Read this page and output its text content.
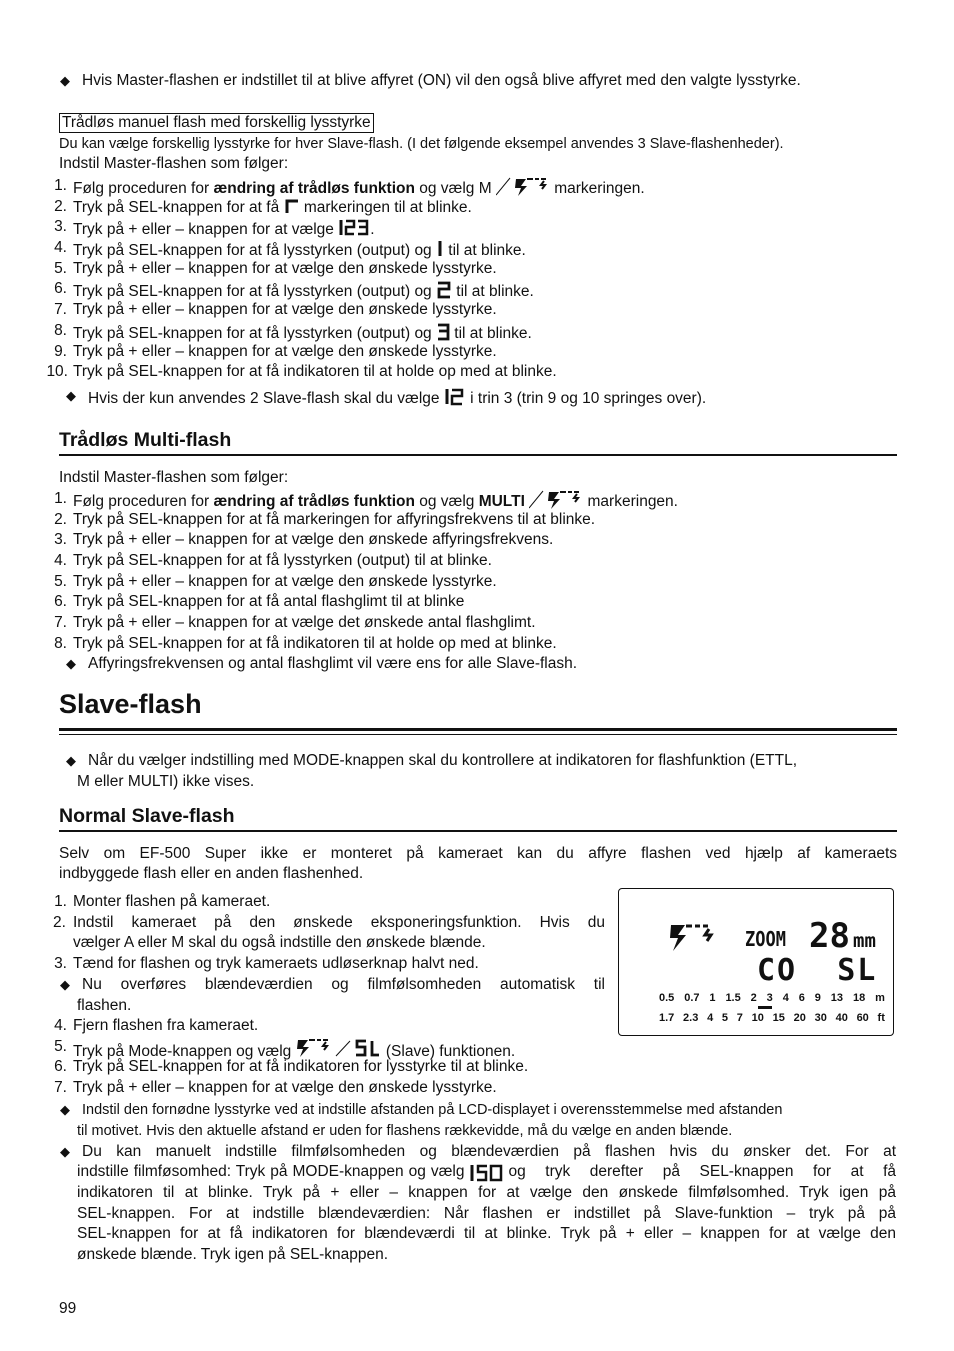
◆ Hvis Master-flashen er indstillet til at blive affyret (ON) vil den også blive affyret med den valgte lysstyrke.
Trådløs manuel flash med forskellig lysstyrke
Du kan vælge forskellig lysstyrke for hver Slave-flash. (I det følgende eksempel anvendes 3 Slave-flashenheder).
Indstil Master-flashen som følger:
1. Følg proceduren for ændring af trådløs funktion og vælg M	markeringen.
2. Tryk på SEL-knappen for at få  markeringen til at blinke.
3. Tryk på + eller – knappen for at vælge .
4. Tryk på SEL-knappen for at få lysstyrken (output) og  til at blinke.
5. Tryk på + eller – knappen for at vælge den ønskede lysstyrke.
6. Tryk på SEL-knappen for at få lysstyrken (output) og  til at blinke.
7. Tryk på + eller – knappen for at vælge den ønskede lysstyrke.
8. Tryk på SEL-knappen for at få lysstyrken (output) og  til at blinke.
9. Tryk på + eller – knappen for at vælge den ønskede lysstyrke.
10. Tryk på SEL-knappen for at få indikatoren til at holde op med at blinke.
◆ Hvis der kun anvendes 2 Slave-flash skal du vælge  i trin 3 (trin 9 og 10 springes over).
Trådløs Multi-flash
Indstil Master-flashen som følger:
1. Følg proceduren for ændring af trådløs funktion og vælg MULTI	markeringen.
2. Tryk på SEL-knappen for at få markeringen for affyringsfrekvens til at blinke.
3. Tryk på + eller – knappen for at vælge den ønskede affyringsfrekvens.
4. Tryk på SEL-knappen for at få lysstyrken (output) til at blinke.
5. Tryk på + eller – knappen for at vælge den ønskede lysstyrke.
6. Tryk på SEL-knappen for at få antal flashglimt til at blinke
7. Tryk på + eller – knappen for at vælge det ønskede antal flashglimt.
8. Tryk på SEL-knappen for at få indikatoren til at holde op med at blinke.
◆ Affyringsfrekvensen og antal flashglimt vil være ens for alle Slave-flash.
Slave-flash
◆ Når du vælger indstilling med MODE-knappen skal du kontrollere at indikatoren for flashfunktion (ETTL,
M eller MULTI) ikke vises.
Normal Slave-flash
Selv om EF-500 Super ikke er monteret på kameraet kan du affyre flashen ved hjælp af kameraets
indbyggede flash eller en anden flashenhed.
1. Monter flashen på kameraet.
2. Indstil kameraet på den ønskede eksponeringsfunktion. Hvis du
vælger A eller M skal du også indstille den ønskede blænde.
3. Tænd for flashen og tryk kameraets udløserknap halvt ned.
◆ Nu overføres blændeværdien og filmfølsomheden automatisk til
flashen.
4. Fjern flashen fra kameraet.
5. Tryk på Mode-knappen og vælg	(Slave) funktionen.
6. Tryk på SEL-knappen for at få indikatoren for lysstyrke til at blinke.
7. Tryk på + eller – knappen for at vælge den ønskede lysstyrke.
◆ Indstil den fornødne lysstyrke ved at indstille afstanden på LCD-displayet i overensstemmelse med afstanden
til motivet. Hvis den aktuelle afstand er uden for flashens rækkevidde, må du vælge en anden blænde.
◆ Du kan manuelt indstille filmfølsomheden og blændeværdien på flashen hvis du ønsker det. For at
indstille filmføsomhed: Tryk på MODE-knappen og vælg	og tryk derefter på SEL-knappen for at få
indikatoren til at blinke. Tryk på + eller – knappen for at vælge den ønskede filmfølsomhed. Tryk igen på
SEL-knappen. For at indstille blændeværdien: Når flashen er indstillet på Slave-funktion – tryk på på
SEL-knappen for at få indikatoren for blændeværdi til at blinke. Tryk på + eller – knappen for at vælge den
ønskede blænde. Tryk igen på SEL-knappen.
ZOOM 28 mm
CO  SL
0.5 0.7 1 1.5 2 3 4 6 9 13 18 m
1.7 2.3 4 5 7 10 15 20 30 40 60 ft
99
